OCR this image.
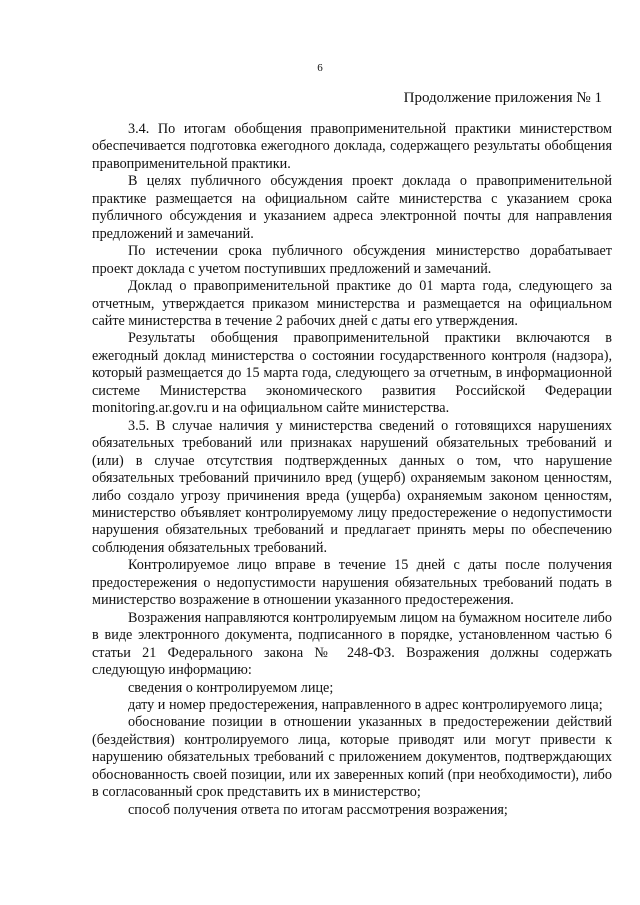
6
Продолжение приложения № 1

3.4. По итогам обобщения правоприменительной практики министерством обеспечивается подготовка ежегодного доклада, содержащего результаты обобщения правоприменительной практики.

В целях публичного обсуждения проект доклада о правоприменительной практике размещается на официальном сайте министерства с указанием срока публичного обсуждения и указанием адреса электронной почты для направления предложений и замечаний.

По истечении срока публичного обсуждения министерство дорабатывает проект доклада с учетом поступивших предложений и замечаний.

Доклад о правоприменительной практике до 01 марта года, следующего за отчетным, утверждается приказом министерства и размещается на официальном сайте министерства в течение 2 рабочих дней с даты его утверждения.

Результаты обобщения правоприменительной практики включаются в ежегодный доклад министерства о состоянии государственного контроля (надзора), который размещается до 15 марта года, следующего за отчетным, в информационной системе Министерства экономического развития Российской Федерации monitoring.ar.gov.ru и на официальном сайте министерства.

3.5. В случае наличия у министерства сведений о готовящихся нарушениях обязательных требований или признаках нарушений обязательных требований и (или) в случае отсутствия подтвержденных данных о том, что нарушение обязательных требований причинило вред (ущерб) охраняемым законом ценностям, либо создало угрозу причинения вреда (ущерба) охраняемым законом ценностям, министерство объявляет контролируемому лицу предостережение о недопустимости нарушения обязательных требований и предлагает принять меры по обеспечению соблюдения обязательных требований.

Контролируемое лицо вправе в течение 15 дней с даты после получения предостережения о недопустимости нарушения обязательных требований подать в министерство возражение в отношении указанного предостережения.

Возражения направляются контролируемым лицом на бумажном носителе либо в виде электронного документа, подписанного в порядке, установленном частью 6 статьи 21 Федерального закона № 248-ФЗ. Возражения должны содержать следующую информацию:

сведения о контролируемом лице;

дату и номер предостережения, направленного в адрес контролируемого лица;

обоснование позиции в отношении указанных в предостережении действий (бездействия) контролируемого лица, которые приводят или могут привести к нарушению обязательных требований с приложением документов, подтверждающих обоснованность своей позиции, или их заверенных копий (при необходимости), либо в согласованный срок представить их в министерство;

способ получения ответа по итогам рассмотрения возражения;
